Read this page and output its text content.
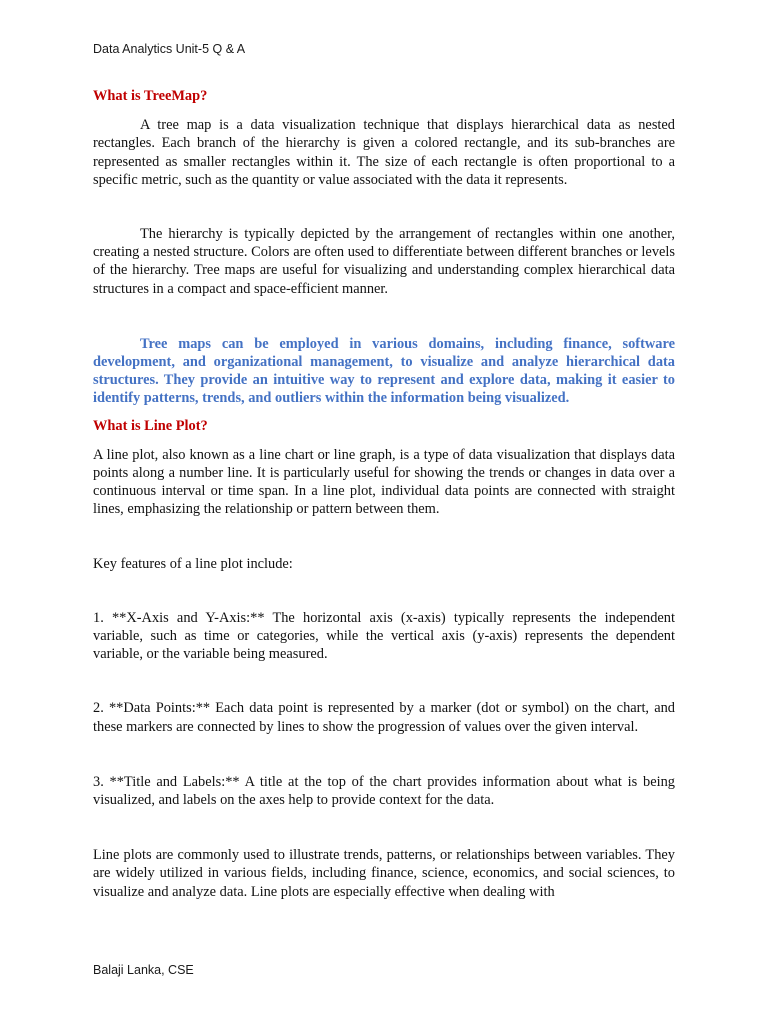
Data Analytics Unit-5 Q & A
What is TreeMap?

A tree map is a data visualization technique that displays hierarchical data as nested rectangles. Each branch of the hierarchy is given a colored rectangle, and its sub-branches are represented as smaller rectangles within it. The size of each rectangle is often proportional to a specific metric, such as the quantity or value associated with the data it represents.

The hierarchy is typically depicted by the arrangement of rectangles within one another, creating a nested structure. Colors are often used to differentiate between different branches or levels of the hierarchy. Tree maps are useful for visualizing and understanding complex hierarchical data structures in a compact and space-efficient manner.

Tree maps can be employed in various domains, including finance, software development, and organizational management, to visualize and analyze hierarchical data structures. They provide an intuitive way to represent and explore data, making it easier to identify patterns, trends, and outliers within the information being visualized.

What is Line Plot?

A line plot, also known as a line chart or line graph, is a type of data visualization that displays data points along a number line. It is particularly useful for showing the trends or changes in data over a continuous interval or time span. In a line plot, individual data points are connected with straight lines, emphasizing the relationship or pattern between them.

Key features of a line plot include:

1. **X-Axis and Y-Axis:** The horizontal axis (x-axis) typically represents the independent variable, such as time or categories, while the vertical axis (y-axis) represents the dependent variable, or the variable being measured.

2. **Data Points:** Each data point is represented by a marker (dot or symbol) on the chart, and these markers are connected by lines to show the progression of values over the given interval.

3. **Title and Labels:** A title at the top of the chart provides information about what is being visualized, and labels on the axes help to provide context for the data.

Line plots are commonly used to illustrate trends, patterns, or relationships between variables. They are widely utilized in various fields, including finance, science, economics, and social sciences, to visualize and analyze data. Line plots are especially effective when dealing with

Balaji Lanka, CSE
